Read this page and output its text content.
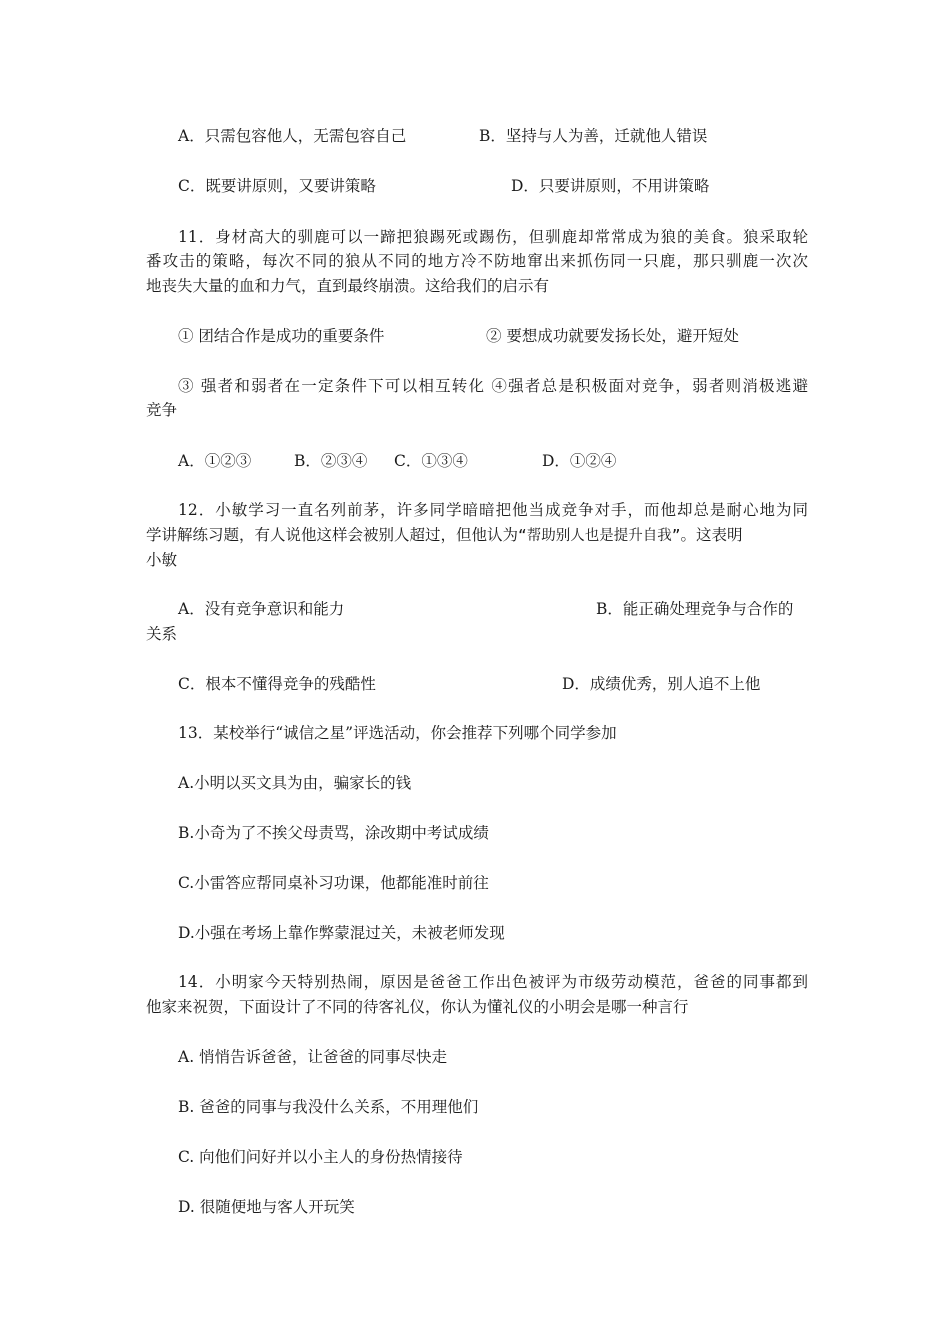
A．只需包容他人，无需包容自己	B．坚持与人为善，迁就他人错误
C．既要讲原则，又要讲策略	D．只要讲原则，不用讲策略
11．身材高大的驯鹿可以一蹄把狼踢死或踢伤，但驯鹿却常常成为狼的美食。狼采取轮
番攻击的策略，每次不同的狼从不同的地方冷不防地窜出来抓伤同一只鹿，那只驯鹿一次次
地丧失大量的血和力气，直到最终崩溃。这给我们的启示有
① 团结合作是成功的重要条件	② 要想成功就要发扬长处，避开短处
③ 强者和弱者在一定条件下可以相互转化 ④强者总是积极面对竞争，弱者则消极逃避
竞争
A．①②③	B．②③④ C．①③④	D．①②④
12．小敏学习一直名列前茅，许多同学暗暗把他当成竞争对手，而他却总是耐心地为同
学讲解练习题，有人说他这样会被别人超过，但他认为“帮助别人也是提升自我”。这表明
小敏
A．没有竞争意识和能力	B．能正确处理竞争与合作的
关系
C．根本不懂得竞争的残酷性	D．成绩优秀，别人追不上他
13．某校举行“诚信之星”评选活动，你会推荐下列哪个同学参加
A.小明以买文具为由，骗家长的钱
B.小奇为了不挨父母责骂，涂改期中考试成绩
C.小雷答应帮同桌补习功课，他都能准时前往
D.小强在考场上靠作弊蒙混过关，未被老师发现
14．小明家今天特别热闹，原因是爸爸工作出色被评为市级劳动模范，爸爸的同事都到
他家来祝贺，下面设计了不同的待客礼仪，你认为懂礼仪的小明会是哪一种言行
A. 悄悄告诉爸爸，让爸爸的同事尽快走
B. 爸爸的同事与我没什么关系，不用理他们
C. 向他们问好并以小主人的身份热情接待
D. 很随便地与客人开玩笑
